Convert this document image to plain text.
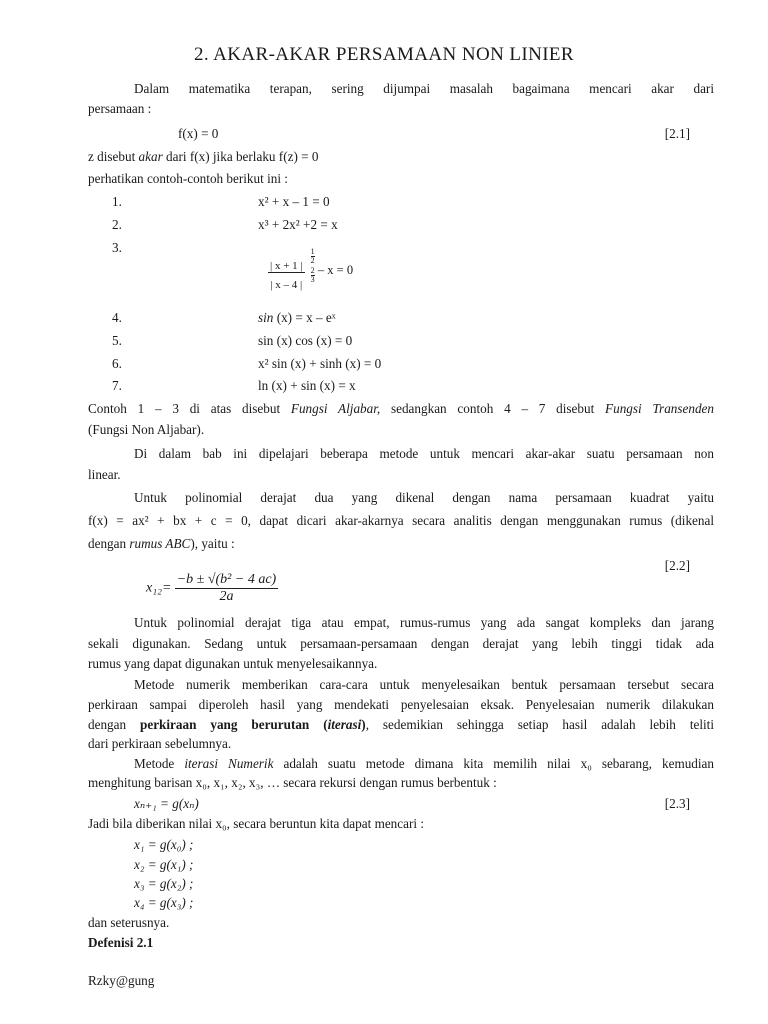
2. AKAR-AKAR PERSAMAAN NON LINIER
Dalam matematika terapan, sering dijumpai masalah bagaimana mencari akar dari
persamaan :
f(x) = 0	[2.1]
z disebut akar dari f(x) jika berlaku f(z) = 0
perhatikan contoh-contoh berikut ini :
1.	x² + x – 1 = 0
2.	x³ + 2x² +2 = x
3.
| x + 1 |
1
2
| x – 4 |
2
3	– x = 0
4.	sin (x) = x – eˣ
5.	sin (x) cos (x) = 0
6.	x² sin (x) + sinh (x) = 0
7.	ln (x) + sin (x) = x
Contoh 1 – 3 di atas disebut Fungsi Aljabar, sedangkan contoh 4 – 7 disebut Fungsi Transenden
(Fungsi Non Aljabar).
Di dalam bab ini dipelajari beberapa metode untuk mencari akar-akar suatu persamaan non
linear.
Untuk polinomial derajat dua yang dikenal dengan nama persamaan kuadrat yaitu
f(x) = ax² + bx + c = 0, dapat dicari akar-akarnya secara analitis dengan menggunakan rumus (dikenal
dengan rumus ABC), yaitu :
[2.2]
$x_{12}= \frac{\text{−b ± √(b² − 4 ac)}}{2a}$
Untuk polinomial derajat tiga atau empat, rumus-rumus yang ada sangat kompleks dan jarang
sekali digunakan. Sedang untuk persamaan-persamaan dengan derajat yang lebih tinggi tidak ada
rumus yang dapat digunakan untuk menyelesaikannya.
Metode numerik memberikan cara-cara untuk menyelesaikan bentuk persamaan tersebut secara
perkiraan sampai diperoleh hasil yang mendekati penyelesaian eksak. Penyelesaian numerik dilakukan
dengan perkiraan yang berurutan (iterasi), sedemikian sehingga setiap hasil adalah lebih teliti
dari perkiraan sebelumnya.
Metode iterasi Numerik adalah suatu metode dimana kita memilih nilai x₀ sebarang, kemudian
menghitung barisan x₀, x₁, x₂, x₃, … secara rekursi dengan rumus berbentuk :
xₙ₊₁ = g(xₙ)	[2.3]
Jadi bila diberikan nilai x₀, secara beruntun kita dapat mencari :
x₁ = g(x₀) ;
x₂ = g(x₁) ;
x₃ = g(x₂) ;
x₄ = g(x₃) ;
dan seterusnya.
Defenisi 2.1
Rzky@gung
